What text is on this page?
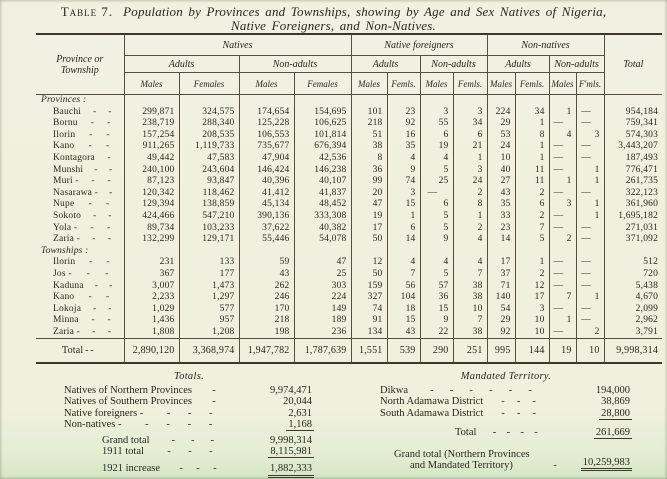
Table 7. Population by Provinces and Townships, showing by Age and Sex Natives of Nigeria,
Native Foreigners, and Non-Natives.
Province or Township	Natives				Native foreigners				Non-natives				Total
	Adults		Non-adults		Adults		Non-adults		Adults		Non-adults		
	Males	Females	Males	Females	Males	Femls.	Males	Femls.	Males	Femls.	Males	F'mls.	
Provinces :													

Bauchi - -	299,871	324,575	174,654	154,695	101	23	3	3	224	34	1	—	954,184

Bornu - -	238,719	288,340	125,228	106,625	218	92	55	34	29	1	—	—	759,341

Ilorin - -	157,254	208,535	106,553	101,814	51	16	6	6	53	8	4	3	574,303

Kano - -	911,265	1,119,733	735,677	676,394	38	35	19	21	24	1	—	—	3,443,207

Kontagora -	49,442	47,583	47,904	42,536	8	4	4	1	10	1	—	—	187,493

Munshi - -	240,100	243,604	146,424	146,238	36	9	5	3	40	11	—	1	776,471

Muri - - -	87,123	93,847	40,396	40,107	99	74	25	24	27	11	1	1	261,735

Nasarawa - -	120,342	118,462	41,412	41,837	20	3	—	2	43	2	—	—	322,123

Nupe - -	129,394	138,859	45,134	48,452	47	15	6	8	35	6	3	1	361,960

Sokoto - -	424,466	547,210	390,136	333,308	19	1	5	1	33	2	—	1	1,695,182

Yola - - -	89,734	103,233	37,622	40,382	17	6	5	2	23	7	—	—	271,031

Zaria - - -	132,299	129,171	55,446	54,078	50	14	9	4	14	5	2	—	371,092
Townships :													

Ilorin - -	231	133	59	47	12	4	4	4	17	1	—	—	512

Jos - - -	367	177	43	25	50	7	5	7	37	2	—	—	720

Kaduna - -	3,007	1,473	262	303	159	56	57	38	71	12	—	—	5,438

Kano - -	2,233	1,297	246	224	327	104	36	38	140	17	7	1	4,670

Lokoja - -	1,029	577	170	149	74	18	15	10	54	3	—	—	2,099

Minna - -	1,436	957	218	189	91	15	9	7	29	10	1	—	2,962

Zaria - - -	1,808	1,208	198	236	134	43	22	38	92	10	—	2	3,791

Total - -	2,890,120	3,368,974	1,947,782	1,787,639	1,551	539	290	251	995	144	19	10	9,998,314
Totals.
Natives of Northern Provinces -	9,974,471
Natives of Southern Provinces -	20,044
Native foreigners - - - -	2,631
Non-natives - - - - -	1,168
Grand total - - -	9,998,314
1911 total - - -	8,115,981
1921 increase - - -	1,882,333
Mandated Territory.
Dikwa - - - - - -	194,000
North Adamawa District - - -	38,869
South Adamawa District - - -	28,800
Total - - - -	261,669
Grand total (Northern Provinces
and Mandated Territory)	-	10,259,983
